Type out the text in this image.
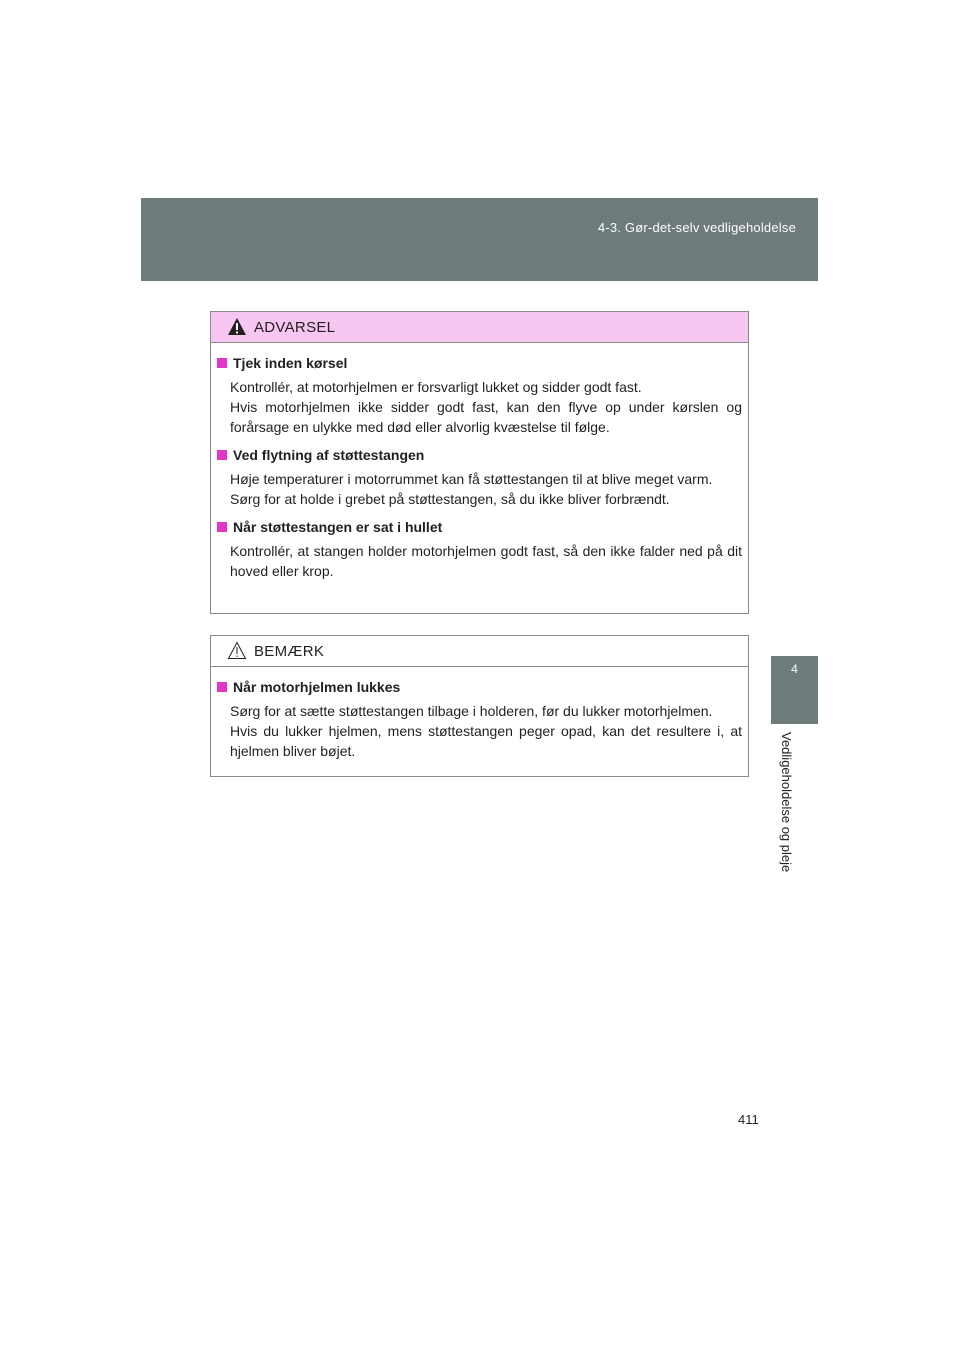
4-3. Gør-det-selv vedligeholdelse
4
Vedligeholdelse og pleje
ADVARSEL
Tjek inden kørsel

Kontrollér, at motorhjelmen er forsvarligt lukket og sidder godt fast.

Hvis motorhjelmen ikke sidder godt fast, kan den flyve op under kørslen og forårsage en ulykke med død eller alvorlig kvæstelse til følge.

Ved flytning af støttestangen

Høje temperaturer i motorrummet kan få støttestangen til at blive meget varm.

Sørg for at holde i grebet på støttestangen, så du ikke bliver forbrændt.

Når støttestangen er sat i hullet

Kontrollér, at stangen holder motorhjelmen godt fast, så den ikke falder ned på dit hoved eller krop.

BEMÆRK
Når motorhjelmen lukkes

Sørg for at sætte støttestangen tilbage i holderen, før du lukker motorhjelmen.

Hvis du lukker hjelmen, mens støttestangen peger opad, kan det resultere i, at hjelmen bliver bøjet.

411
